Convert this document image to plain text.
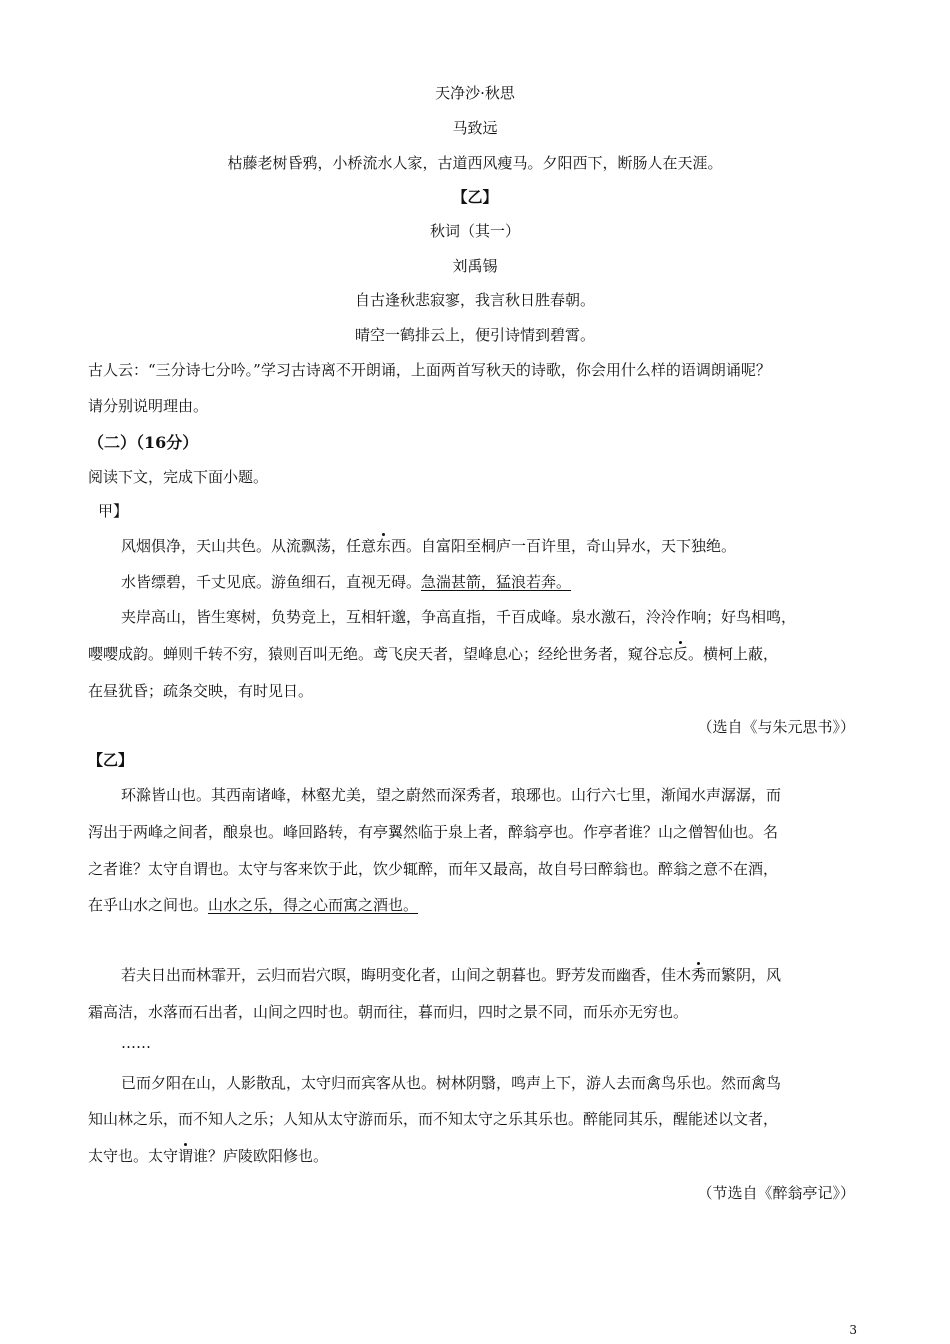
天净沙·秋思
马致远
枯藤老树昏鸦，小桥流水人家，古道西风瘦马。夕阳西下，断肠人在天涯。
【乙】
秋词（其一）
刘禹锡
自古逢秋悲寂寥，我言秋日胜春朝。
晴空一鹤排云上，便引诗情到碧霄。
古人云：“三分诗七分吟。”学习古诗离不开朗诵，上面两首写秋天的诗歌，你会用什么样的语调朗诵呢？
请分别说明理由。
（二）（16分）
阅读下文，完成下面小题。
甲】
风烟俱净，天山共色。从流飘荡，任意东西。自富阳至桐庐一百许里，奇山异水，天下独绝。
水皆缥碧，千丈见底。游鱼细石，直视无碍。急湍甚箭，猛浪若奔。
夹岸高山，皆生寒树，负势竞上，互相轩邈，争高直指，千百成峰。泉水激石，泠泠作响；好鸟相鸣，
嘤嘤成韵。蝉则千转不穷，猿则百叫无绝。鸢飞戾天者，望峰息心；经纶世务者，窥谷忘反。横柯上蔽，
在昼犹昏；疏条交映，有时见日。
（选自《与朱元思书》）
【乙】
环滁皆山也。其西南诸峰，林壑尤美，望之蔚然而深秀者，琅琊也。山行六七里，渐闻水声潺潺，而
泻出于两峰之间者，酿泉也。峰回路转，有亭翼然临于泉上者，醉翁亭也。作亭者谁？山之僧智仙也。名
之者谁？太守自谓也。太守与客来饮于此，饮少辄醉，而年又最高，故自号曰醉翁也。醉翁之意不在酒，
在乎山水之间也。山水之乐，得之心而寓之酒也。
若夫日出而林霏开，云归而岩穴暝，晦明变化者，山间之朝暮也。野芳发而幽香，佳木秀而繁阴，风
霜高洁，水落而石出者，山间之四时也。朝而往，暮而归，四时之景不同，而乐亦无穷也。
……
已而夕阳在山，人影散乱，太守归而宾客从也。树林阴翳，鸣声上下，游人去而禽鸟乐也。然而禽鸟
知山林之乐，而不知人之乐；人知从太守游而乐，而不知太守之乐其乐也。醉能同其乐，醒能述以文者，
太守也。太守谓谁？庐陵欧阳修也。
（节选自《醉翁亭记》）
3
